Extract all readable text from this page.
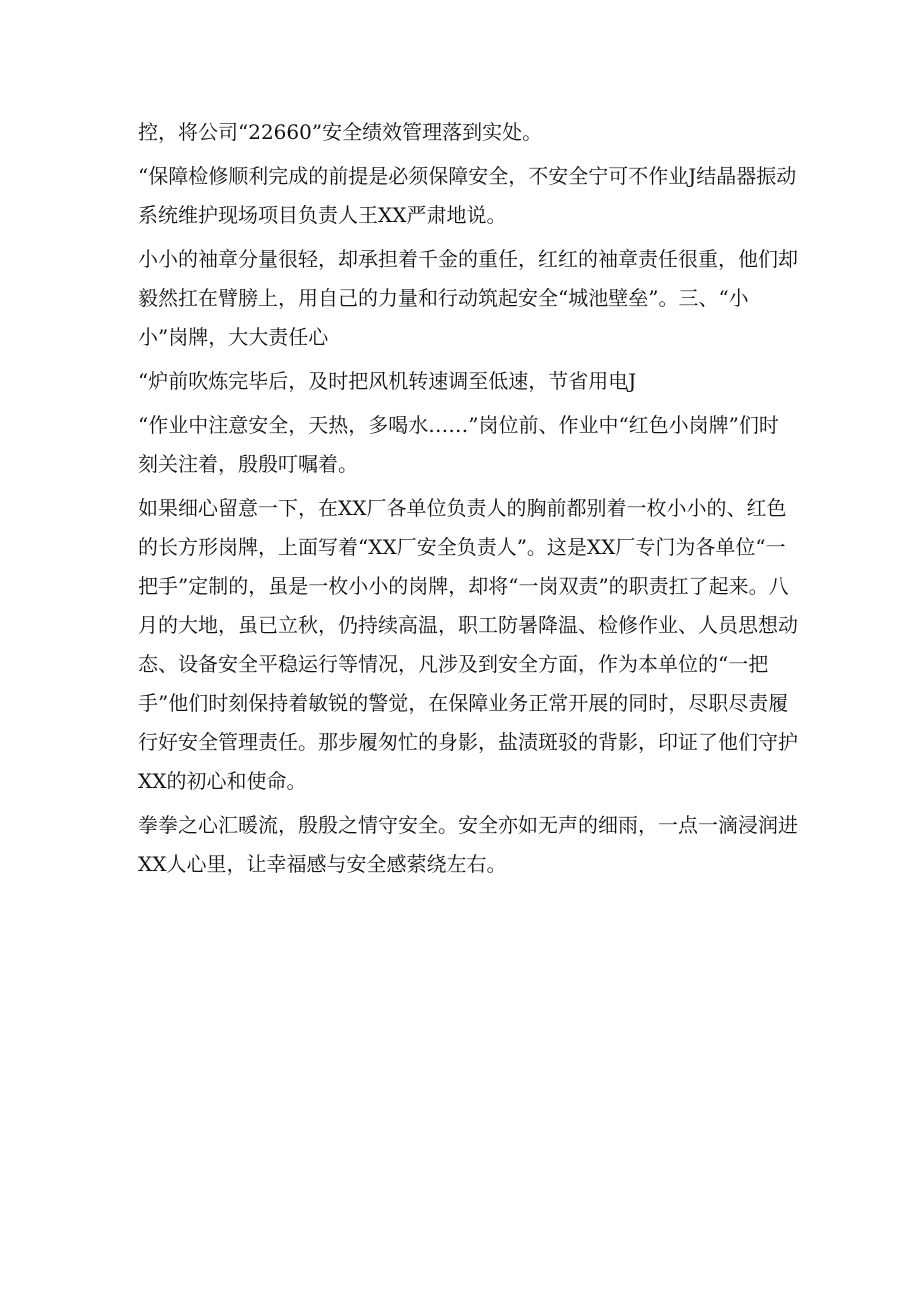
控，将公司“22660”安全绩效管理落到实处。

“保障检修顺利完成的前提是必须保障安全，不安全宁可不作业J结晶器振动系统维护现场项目负责人王XX严肃地说。

小小的袖章分量很轻，却承担着千金的重任，红红的袖章责任很重，他们却毅然扛在臂膀上，用自己的力量和行动筑起安全“城池壁垒”。三、“小小”岗牌，大大责任心

“炉前吹炼完毕后，及时把风机转速调至低速，节省用电J

“作业中注意安全，天热，多喝水……”岗位前、作业中“红色小岗牌”们时刻关注着，殷殷叮嘱着。

如果细心留意一下，在XX厂各单位负责人的胸前都别着一枚小小的、红色的长方形岗牌，上面写着“XX厂安全负责人”。这是XX厂专门为各单位“一把手”定制的，虽是一枚小小的岗牌，却将“一岗双责”的职责扛了起来。八月的大地，虽已立秋，仍持续高温，职工防暑降温、检修作业、人员思想动态、设备安全平稳运行等情况，凡涉及到安全方面，作为本单位的“一把手”他们时刻保持着敏锐的警觉，在保障业务正常开展的同时，尽职尽责履行好安全管理责任。那步履匆忙的身影，盐渍斑驳的背影，印证了他们守护XX的初心和使命。

拳拳之心汇暖流，殷殷之情守安全。安全亦如无声的细雨，一点一滴浸润进XX人心里，让幸福感与安全感萦绕左右。
